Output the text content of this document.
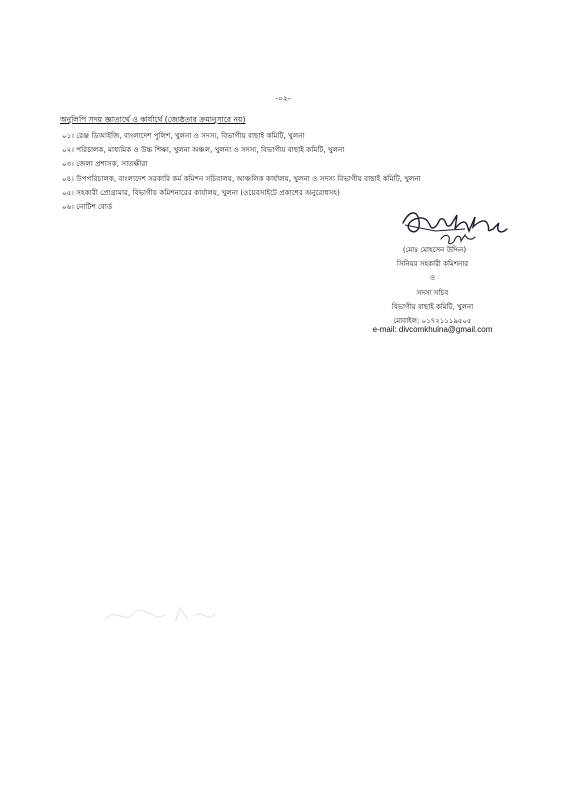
-০২-
অনুলিপি সদয় জ্ঞাতার্থে ও কার্যার্থে (জ্যেষ্ঠতার ক্রমানুসারে নয়)
০১। রেঞ্জ ডিআইজি, বাংলাদেশ পুলিশ, খুলনা ও সদস্য, বিভাগীয় বাছাই কমিটি, খুলনা
০২। পরিচালক, মাধ্যমিক ও উচ্চ শিক্ষা, খুলনা অঞ্চল, খুলনা ও সদস্য, বিভাগীয় বাছাই কমিটি, খুলনা
০৩। জেলা প্রশাসক, সাতক্ষীরা
০৪। উপপরিচালক, বাংলাদেশ সরকারি কর্ম কমিশন সচিবালয়, আঞ্চলিক কার্যালয়, খুলনা ও সদস্য বিভাগীয় বাছাই কমিটি, খুলনা
০৫। সহকারী প্রোগ্রামার, বিভাগীয় কমিশনারের কার্যালয়, খুলনা (ওয়েবসাইটে প্রকাশের অনুরোধসহ)
০৬। নোটিশ বোর্ড
(মোঃ মোহসেন উদ্দিন)
সিনিয়র সহকারী কমিশনার
ও
সদস্য সচিব
বিভাগীয় বাছাই কমিটি, খুলনা
মোবাইল: ০১৭২১১১৯৫০৫
e-mail: divcomkhulna@gmail.com
